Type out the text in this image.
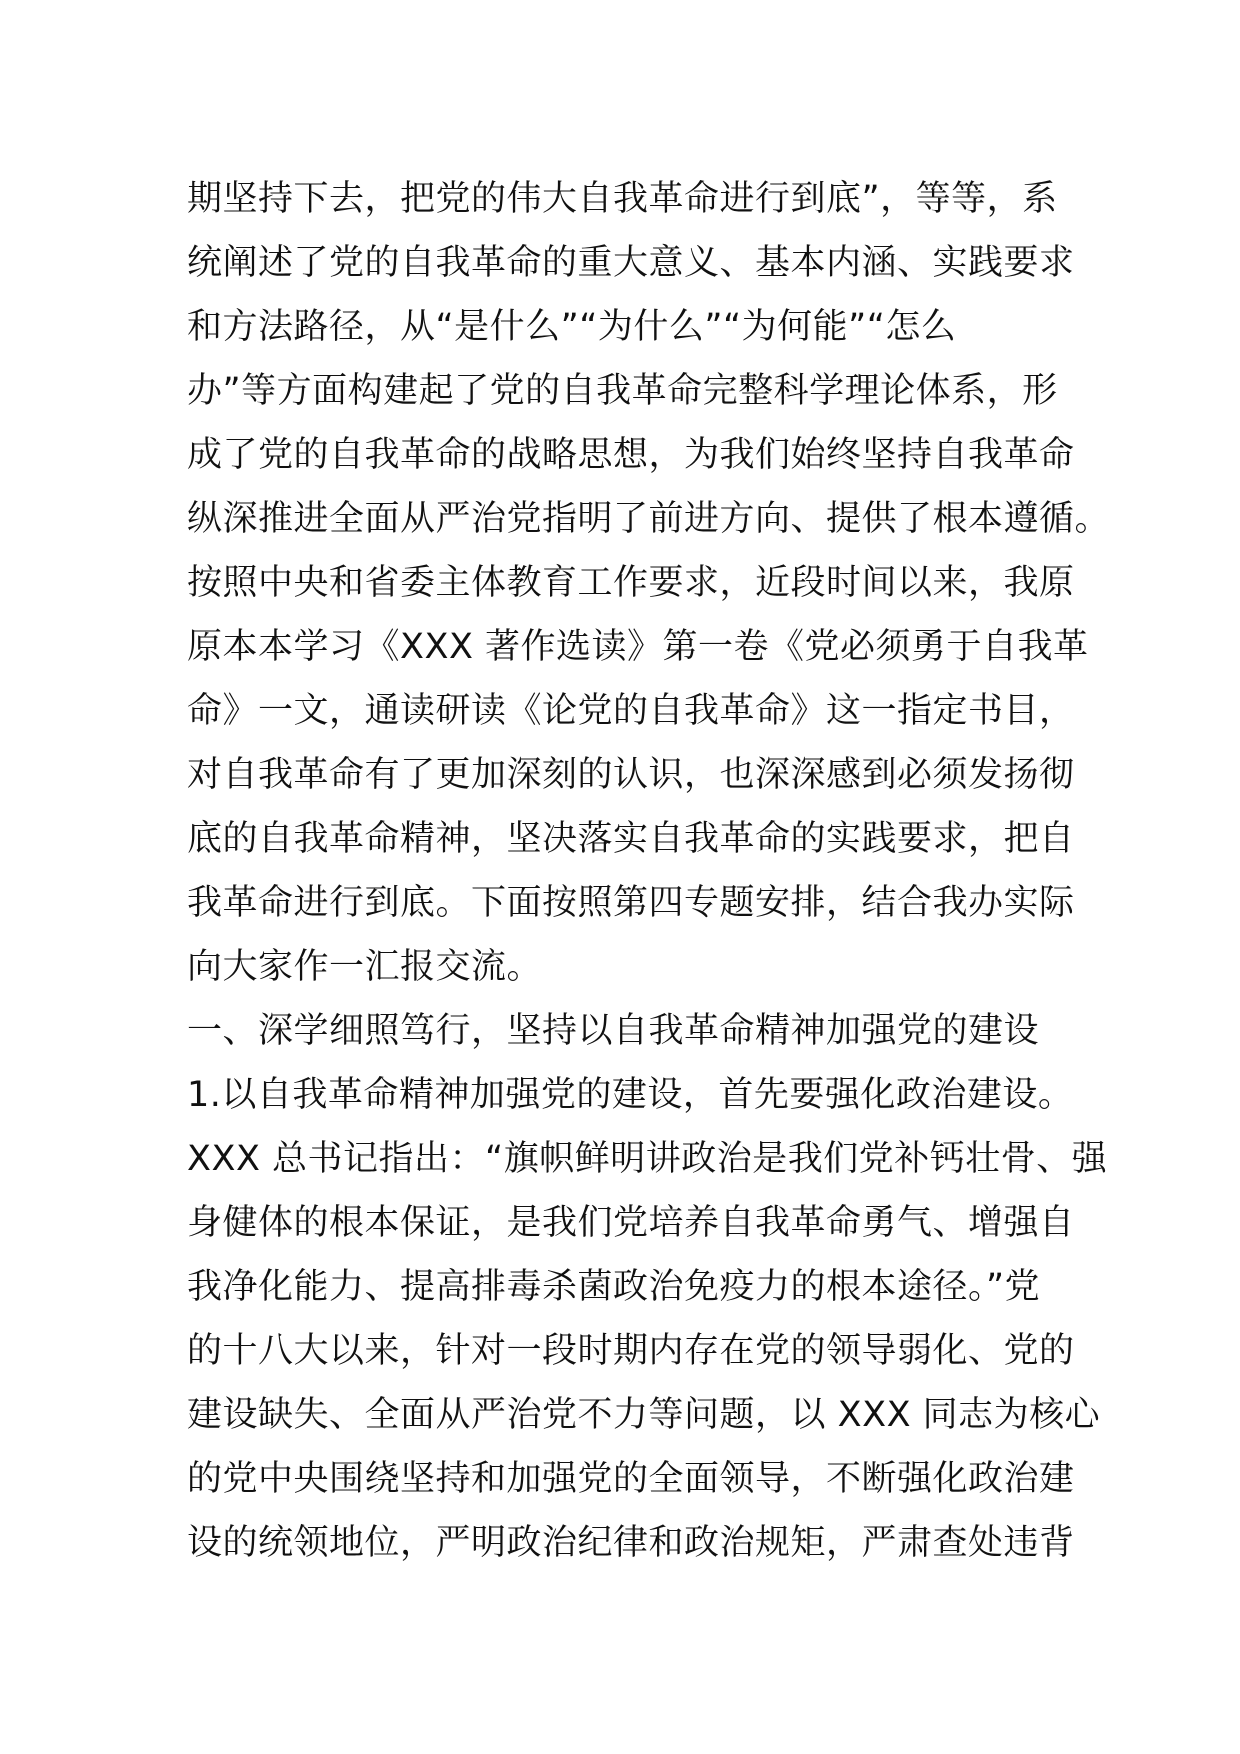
期坚持下去，把党的伟大自我革命进行到底”，等等，系
统阐述了党的自我革命的重大意义、基本内涵、实践要求
和方法路径，从“是什么”“为什么”“为何能”“怎么
办”等方面构建起了党的自我革命完整科学理论体系，形
成了党的自我革命的战略思想，为我们始终坚持自我革命
纵深推进全面从严治党指明了前进方向、提供了根本遵循。
按照中央和省委主体教育工作要求，近段时间以来，我原
原本本学习《XXX 著作选读》第一卷《党必须勇于自我革
命》一文，通读研读《论党的自我革命》这一指定书目，
对自我革命有了更加深刻的认识，也深深感到必须发扬彻
底的自我革命精神，坚决落实自我革命的实践要求，把自
我革命进行到底。下面按照第四专题安排，结合我办实际
向大家作一汇报交流。
一、深学细照笃行，坚持以自我革命精神加强党的建设
1.以自我革命精神加强党的建设，首先要强化政治建设。
XXX 总书记指出：“旗帜鲜明讲政治是我们党补钙壮骨、强
身健体的根本保证，是我们党培养自我革命勇气、增强自
我净化能力、提高排毒杀菌政治免疫力的根本途径。”党
的十八大以来，针对一段时期内存在党的领导弱化、党的
建设缺失、全面从严治党不力等问题，以 XXX 同志为核心
的党中央围绕坚持和加强党的全面领导，不断强化政治建
设的统领地位，严明政治纪律和政治规矩，严肃查处违背
